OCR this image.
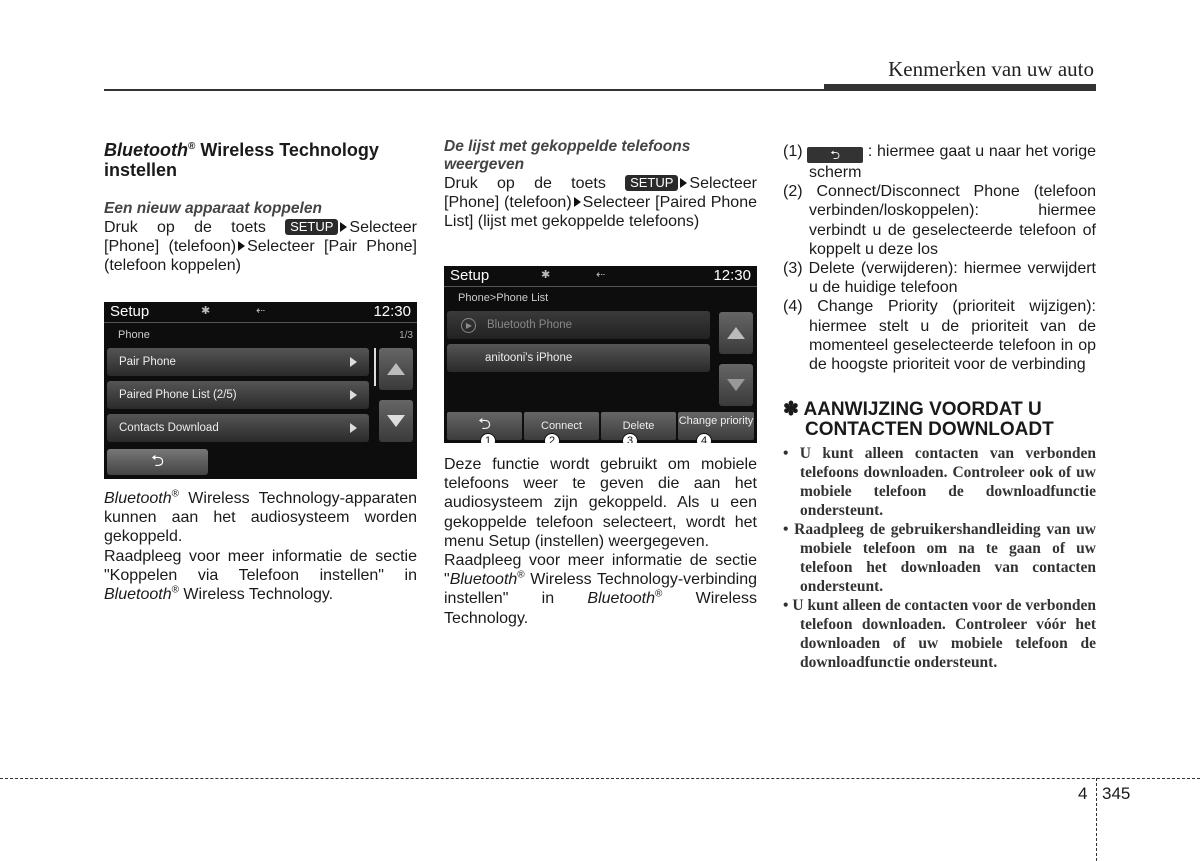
Kenmerken van uw auto
Bluetooth® Wireless Technology instellen
Een nieuw apparaat koppelen

Druk op de toets SETUP Selecteer [Phone] (telefoon) Selecteer [Pair Phone] (telefoon koppelen)

Setup	✱	⇠	12:30
Phone	1/3
Pair Phone
Paired Phone List (2/5)
Contacts Download
⮌

Bluetooth® Wireless Technology-apparaten kunnen aan het audiosysteem worden gekoppeld.

Raadpleeg voor meer informatie de sectie "Koppelen via Telefoon instellen" in Bluetooth® Wireless Technology.

De lijst met gekoppelde telefoons weergeven

Druk op de toets SETUP Selecteer [Phone] (telefoon) Selecteer [Paired Phone List] (lijst met gekoppelde telefoons)

Setup	✱	⇠	12:30
Phone>Phone List
▶	Bluetooth Phone
anitooni's iPhone
⮌	Connect	Delete	Change priority
1	2	3	4

Deze functie wordt gebruikt om mobiele telefoons weer te geven die aan het audiosysteem zijn gekoppeld. Als u een gekoppelde telefoon selecteert, wordt het menu Setup (instellen) weergegeven.

Raadpleeg voor meer informatie de sectie "Bluetooth® Wireless Technology-verbinding instellen" in Bluetooth® Wireless Technology.

(1) ⮌ : hiermee gaat u naar het vorige scherm
(2) Connect/Disconnect Phone (telefoon verbinden/loskoppelen): hiermee verbindt u de geselecteerde telefoon of koppelt u deze los
(3) Delete (verwijderen): hiermee verwijdert u de huidige telefoon
(4) Change Priority (prioriteit wijzigen): hiermee stelt u de prioriteit van de momenteel geselecteerde telefoon in op de hoogste prioriteit voor de verbinding
✽ AANWIJZING VOORDAT U CONTACTEN DOWNLOADT
• U kunt alleen contacten van verbonden telefoons downloaden. Controleer ook of uw mobiele telefoon de downloadfunctie ondersteunt.
• Raadpleeg de gebruikershandleiding van uw mobiele telefoon om na te gaan of uw telefoon het downloaden van contacten ondersteunt.
• U kunt alleen de contacten voor de verbonden telefoon downloaden. Controleer vóór het downloaden of uw mobiele telefoon de downloadfunctie ondersteunt.
4 345
